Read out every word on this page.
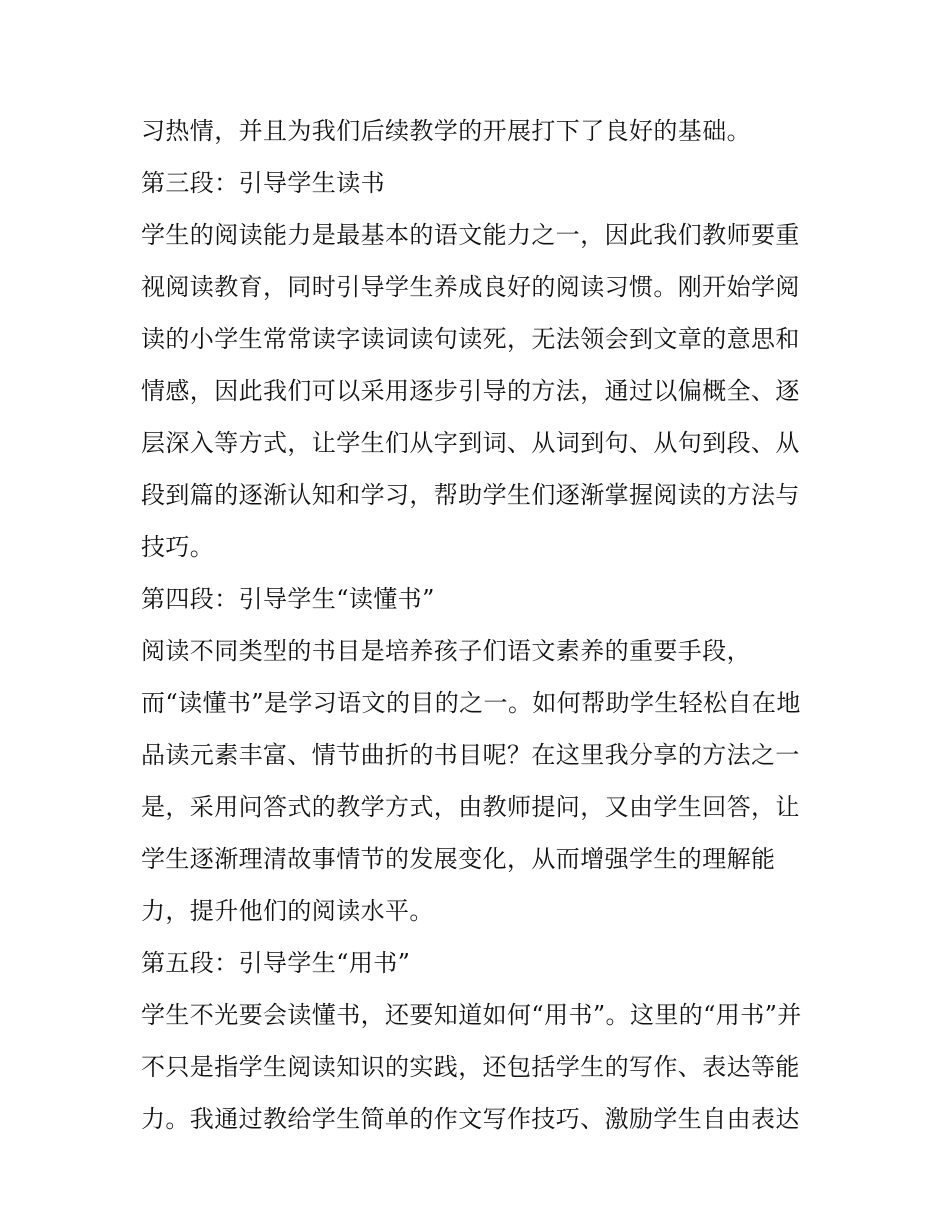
习热情，并且为我们后续教学的开展打下了良好的基础。
第三段：引导学生读书
学生的阅读能力是最基本的语文能力之一，因此我们教师要重
视阅读教育，同时引导学生养成良好的阅读习惯。刚开始学阅
读的小学生常常读字读词读句读死，无法领会到文章的意思和
情感，因此我们可以采用逐步引导的方法，通过以偏概全、逐
层深入等方式，让学生们从字到词、从词到句、从句到段、从
段到篇的逐渐认知和学习，帮助学生们逐渐掌握阅读的方法与
技巧。
第四段：引导学生“读懂书”
阅读不同类型的书目是培养孩子们语文素养的重要手段，
而“读懂书”是学习语文的目的之一。如何帮助学生轻松自在地
品读元素丰富、情节曲折的书目呢？在这里我分享的方法之一
是，采用问答式的教学方式，由教师提问，又由学生回答，让
学生逐渐理清故事情节的发展变化，从而增强学生的理解能
力，提升他们的阅读水平。
第五段：引导学生“用书”
学生不光要会读懂书，还要知道如何“用书”。这里的“用书”并
不只是指学生阅读知识的实践，还包括学生的写作、表达等能
力。我通过教给学生简单的作文写作技巧、激励学生自由表达
